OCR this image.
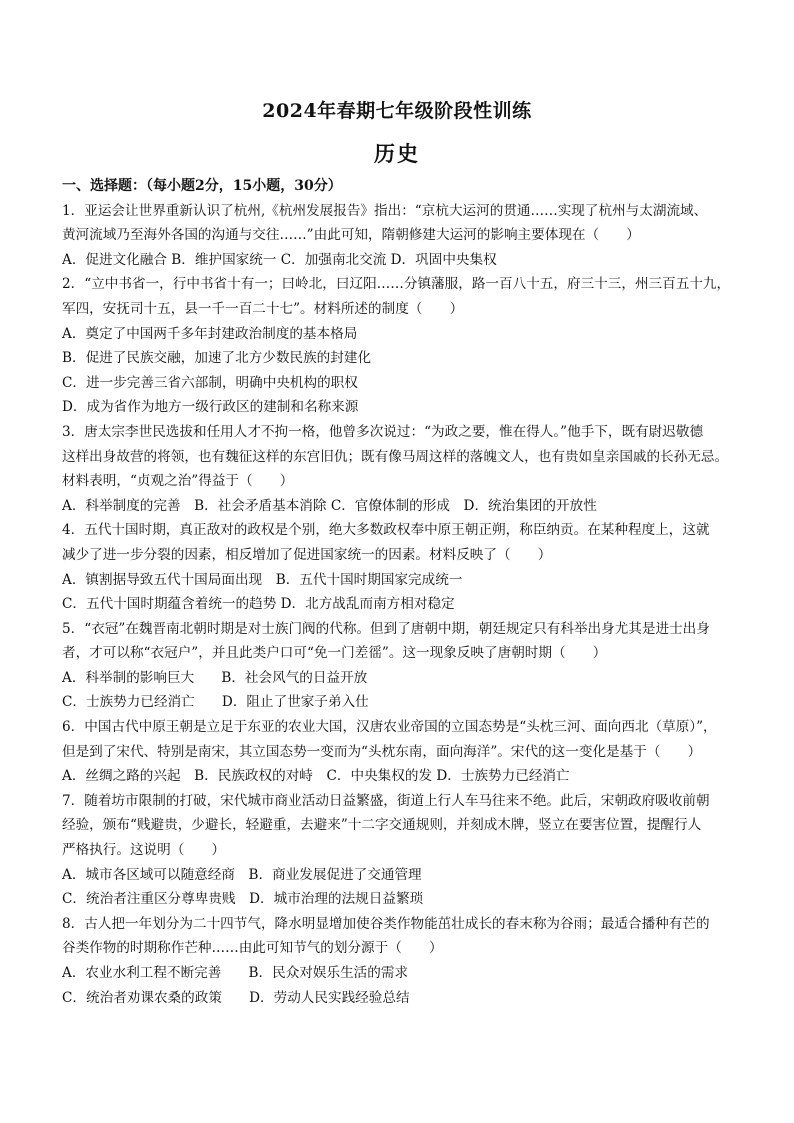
2024年春期七年级阶段性训练
历史
一、选择题：（每小题2分，15小题，30分）
1．亚运会让世界重新认识了杭州,《杭州发展报告》指出：“京杭大运河的贯通……实现了杭州与太湖流域、
黄河流域乃至海外各国的沟通与交往……”由此可知，隋朝修建大运河的影响主要体现在（　　）
A．促进文化融合 B．维护国家统一 C．加强南北交流 D．巩固中央集权
2．“立中书省一，行中书省十有一；曰岭北，曰辽阳……分镇藩服，路一百八十五，府三十三，州三百五十九，
军四，安抚司十五，县一千一百二十七”。材料所述的制度（　　）
A．奠定了中国两千多年封建政治制度的基本格局
B．促进了民族交融，加速了北方少数民族的封建化
C．进一步完善三省六部制，明确中央机构的职权
D．成为省作为地方一级行政区的建制和名称来源
3．唐太宗李世民选拔和任用人才不拘一格，他曾多次说过：“为政之要，惟在得人。”他手下，既有尉迟敬德
这样出身故营的将领，也有魏征这样的东宫旧仇；既有像马周这样的落魄文人，也有贵如皇亲国戚的长孙无忌。
材料表明，“贞观之治”得益于（　　）
A．科举制度的完善　B．社会矛盾基本消除 C．官僚体制的形成　D．统治集团的开放性
4．五代十国时期，真正敌对的政权是个别，绝大多数政权奉中原王朝正朔，称臣纳贡。在某种程度上，这就
减少了进一步分裂的因素，相反增加了促进国家统一的因素。材料反映了（　　）
A．镇割据导致五代十国局面出现　B．五代十国时期国家完成统一
C．五代十国时期蕴含着统一的趋势 D．北方战乱而南方相对稳定
5．“衣冠”在魏晋南北朝时期是对士族门阀的代称。但到了唐朝中期，朝廷规定只有科举出身尤其是进士出身
者，才可以称“衣冠户”，并且此类户口可“免一门差徭”。这一现象反映了唐朝时期（　　）
A．科举制的影响巨大　　B．社会风气的日益开放
C．士族势力已经消亡　　D．阻止了世家子弟入仕
6．中国古代中原王朝是立足于东亚的农业大国，汉唐农业帝国的立国态势是“头枕三河、面向西北（草原）”，
但是到了宋代、特别是南宋，其立国态势一变而为“头枕东南，面向海洋”。宋代的这一变化是基于（　　）
A．丝绸之路的兴起　B．民族政权的对峙　C．中央集权的发 D．士族势力已经消亡
7．随着坊市限制的打破，宋代城市商业活动日益繁盛，街道上行人车马往来不绝。此后，宋朝政府吸收前朝
经验，颁布“贱避贵，少避长，轻避重，去避来”十二字交通规则，并刻成木牌，竖立在要害位置，提醒行人
严格执行。这说明（　　）
A．城市各区域可以随意经商　B．商业发展促进了交通管理
C．统治者注重区分尊卑贵贱　D．城市治理的法规日益繁琐
8．古人把一年划分为二十四节气，降水明显增加使谷类作物能茁壮成长的春末称为谷雨；最适合播种有芒的
谷类作物的时期称作芒种……由此可知节气的划分源于（　　）
A．农业水利工程不断完善　　B．民众对娱乐生活的需求
C．统治者劝课农桑的政策　　D．劳动人民实践经验总结
